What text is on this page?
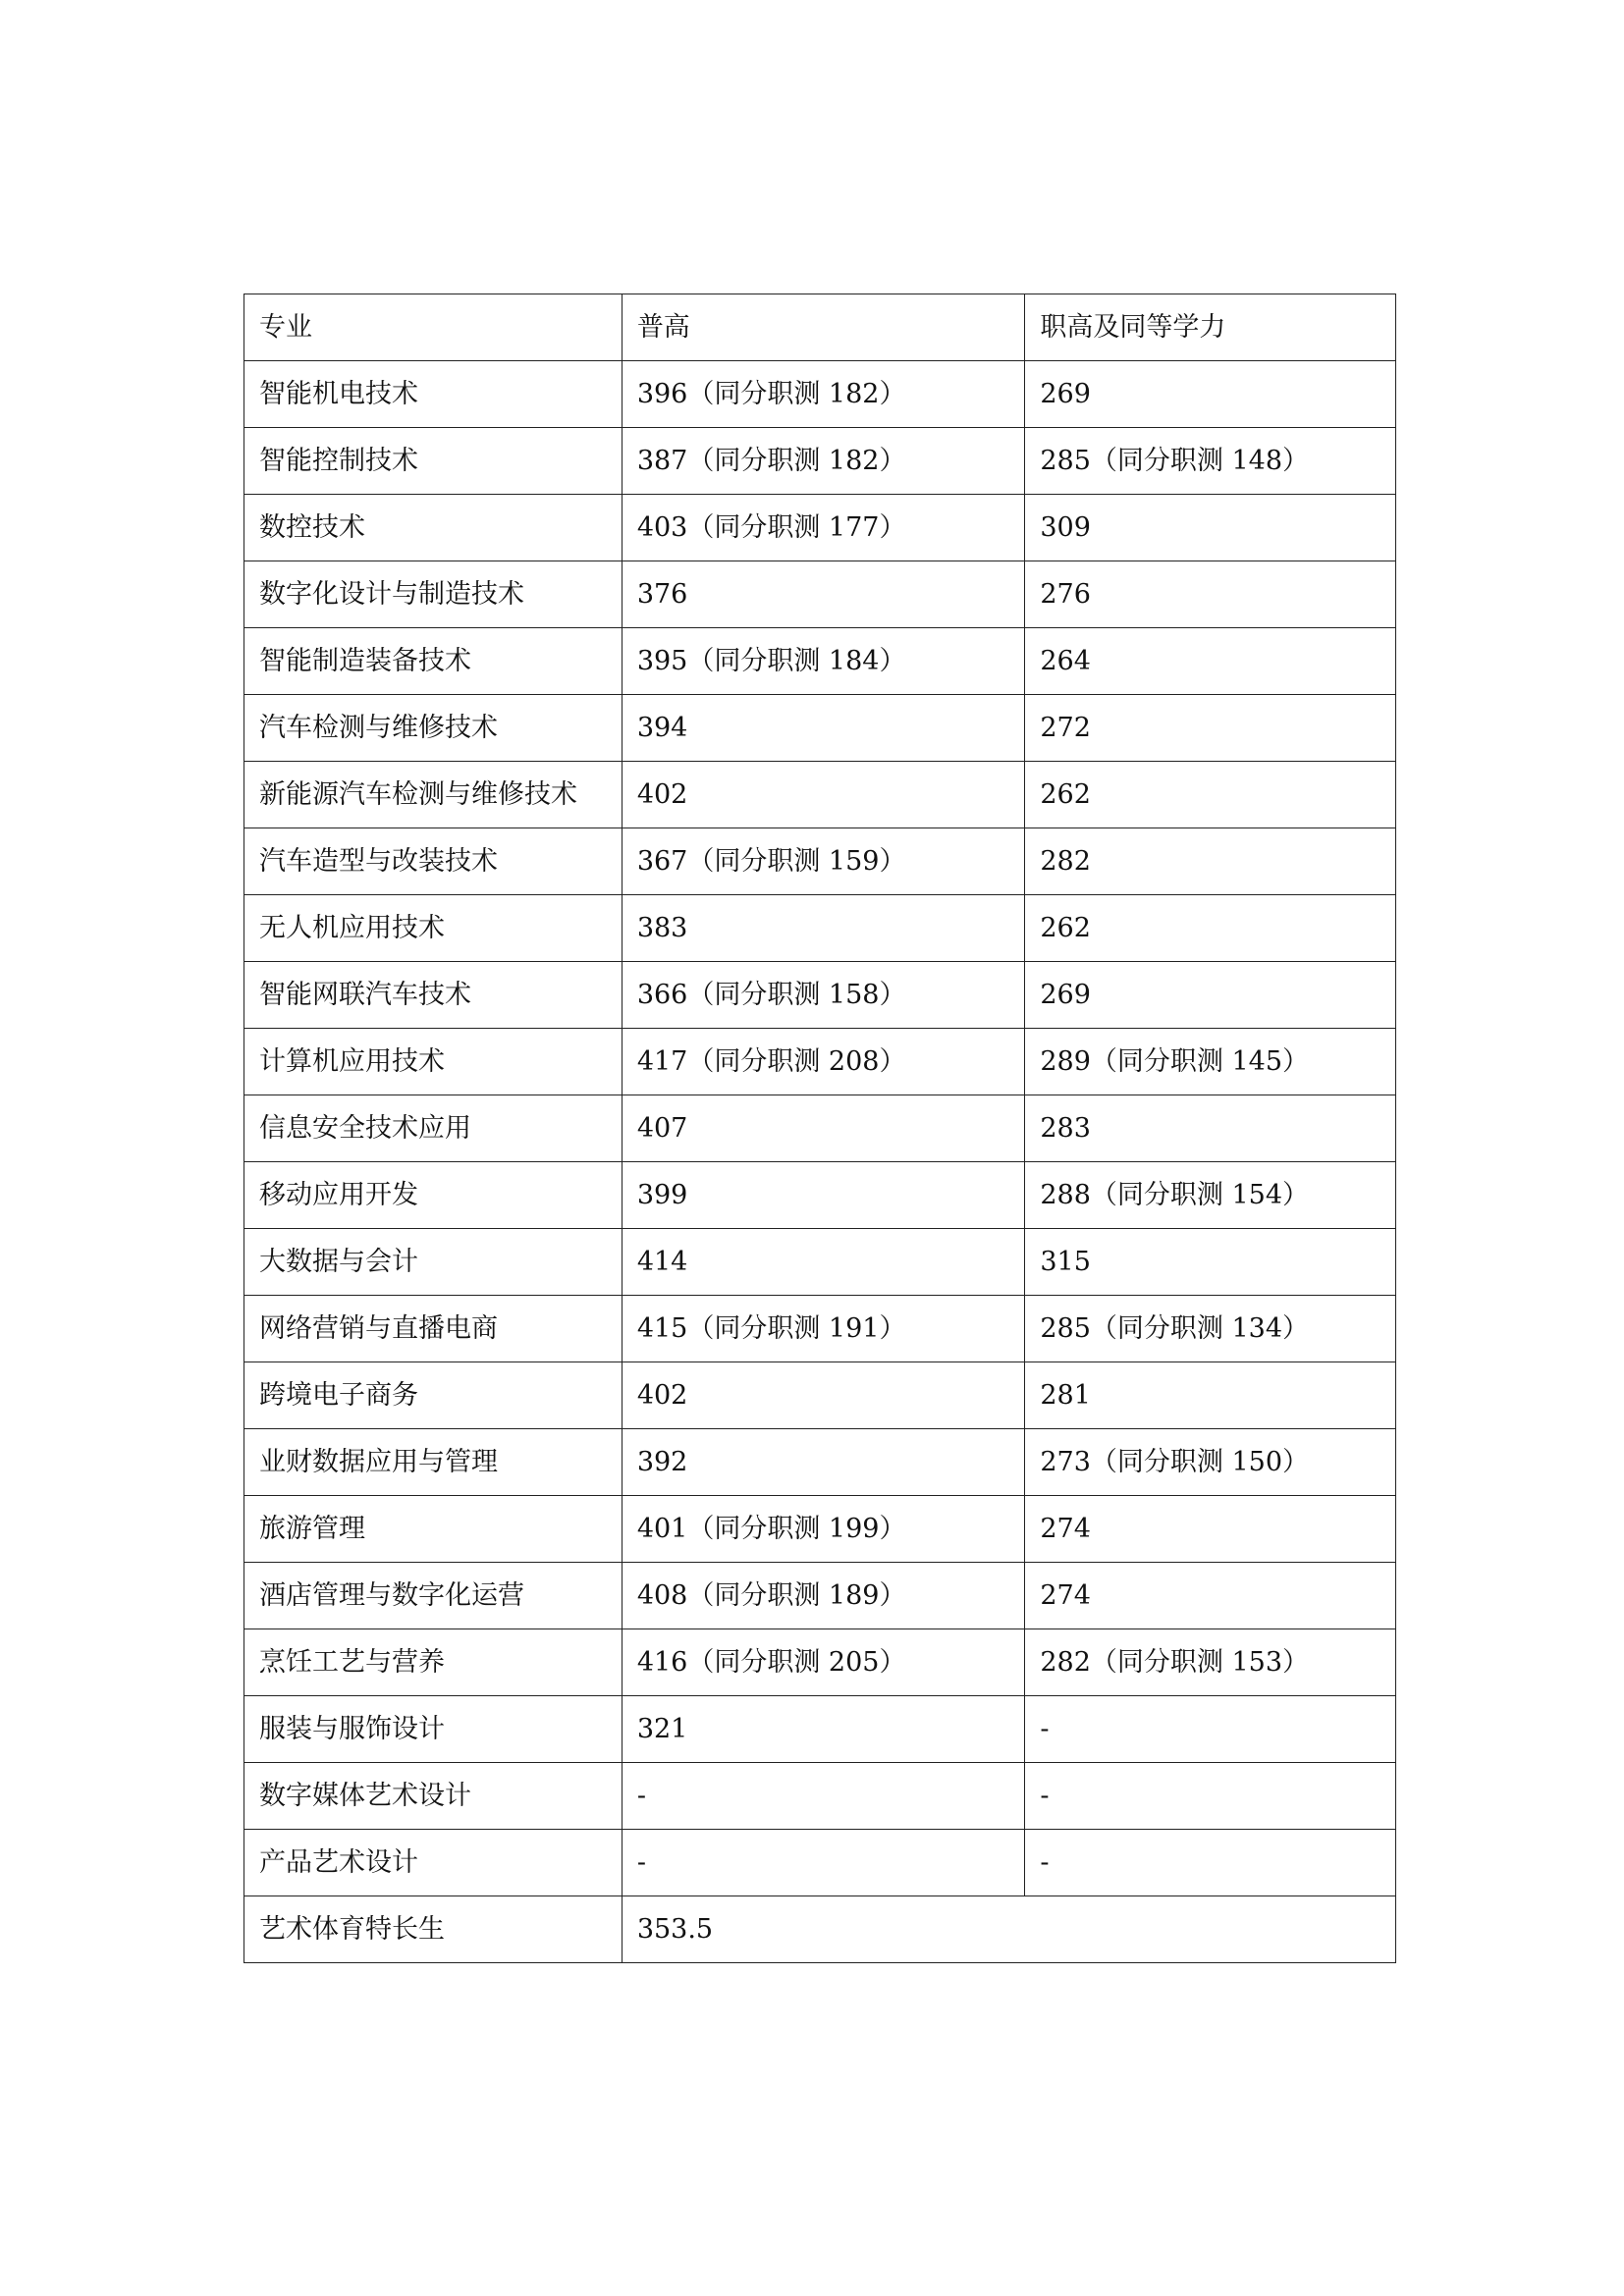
专业	普高	职高及同等学力
智能机电技术	396（同分职测 182）	269
智能控制技术	387（同分职测 182）	285（同分职测 148）
数控技术	403（同分职测 177）	309
数字化设计与制造技术	376	276
智能制造装备技术	395（同分职测 184）	264
汽车检测与维修技术	394	272
新能源汽车检测与维修技术	402	262
汽车造型与改装技术	367（同分职测 159）	282
无人机应用技术	383	262
智能网联汽车技术	366（同分职测 158）	269
计算机应用技术	417（同分职测 208）	289（同分职测 145）
信息安全技术应用	407	283
移动应用开发	399	288（同分职测 154）
大数据与会计	414	315
网络营销与直播电商	415（同分职测 191）	285（同分职测 134）
跨境电子商务	402	281
业财数据应用与管理	392	273（同分职测 150）
旅游管理	401（同分职测 199）	274
酒店管理与数字化运营	408（同分职测 189）	274
烹饪工艺与营养	416（同分职测 205）	282（同分职测 153）
服装与服饰设计	321	-
数字媒体艺术设计	-	-
产品艺术设计	-	-
艺术体育特长生	353.5	
